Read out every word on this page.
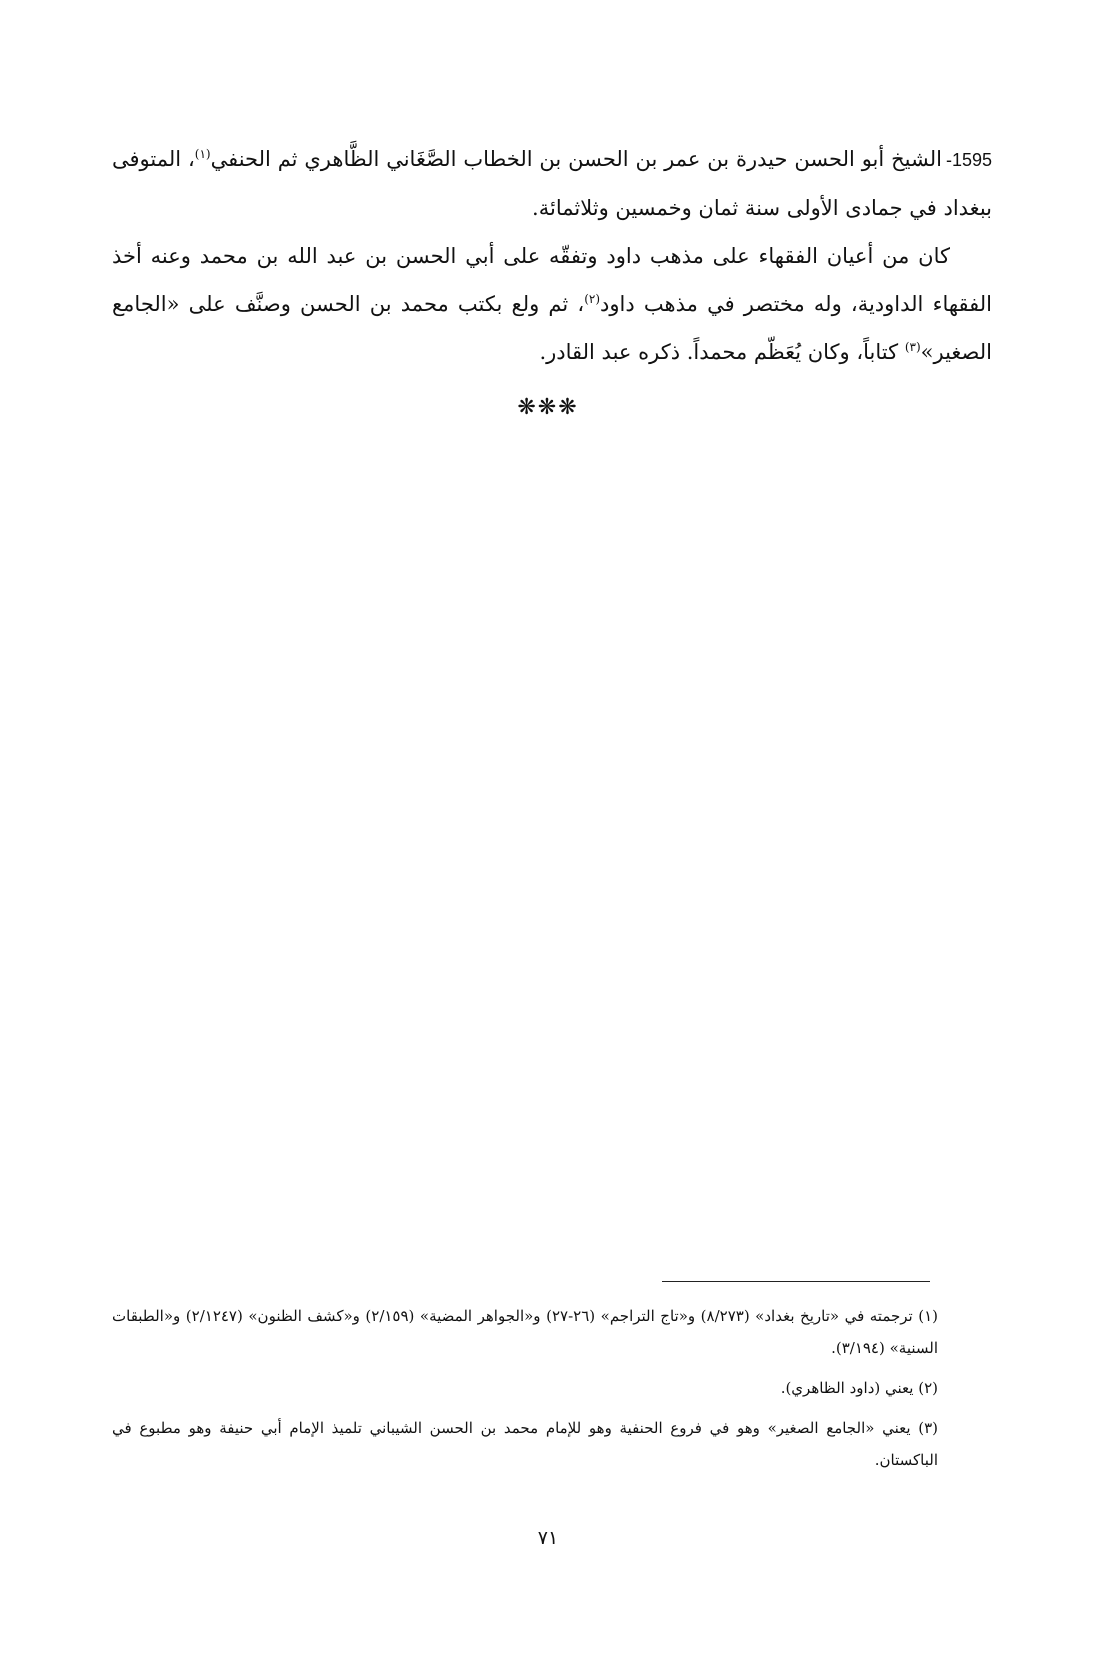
1595-الشيخ أبو الحسن حيدرة بن عمر بن الحسن بن الخطاب الصَّغَاني الظَّاهري ثم الحنفي$^{(١)}$، المتوفى ببغداد في جمادى الأولى سنة ثمان وخمسين وثلاثمائة.

كان من أعيان الفقهاء على مذهب داود وتفقّه على أبي الحسن بن عبد الله بن محمد وعنه أخذ الفقهاء الداودية، وله مختصر في مذهب داود$^{(٢)}$، ثم ولع بكتب محمد بن الحسن وصنَّف على «الجامع الصغير»$^{(٣)}$ كتاباً، وكان يُعَظّم محمداً. ذكره عبد القادر.

❋❋❋

(١) ترجمته في «تاريخ بغداد» (٨/٢٧٣) و«تاج التراجم» (٢٦-٢٧) و«الجواهر المضية» (٢/١٥٩) و«كشف الظنون» (٢/١٢٤٧) و«الطبقات السنية» (٣/١٩٤).

(٢) يعني (داود الظاهري).

(٣) يعني «الجامع الصغير» وهو في فروع الحنفية وهو للإمام محمد بن الحسن الشيباني تلميذ الإمام أبي حنيفة وهو مطبوع في الباكستان.

٧١
